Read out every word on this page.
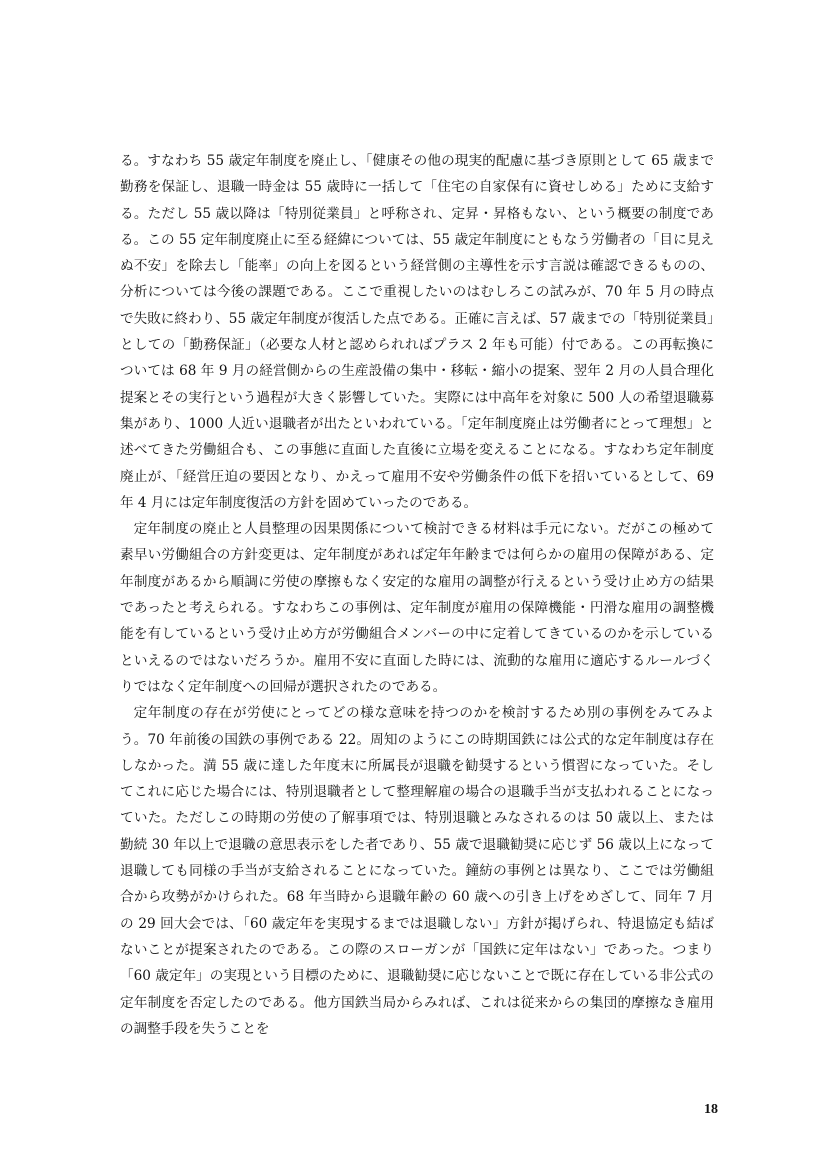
る。すなわち 55 歳定年制度を廃止し、「健康その他の現実的配慮に基づき原則として 65 歳まで勤務を保証し、退職一時金は 55 歳時に一括して「住宅の自家保有に資せしめる」ために支給する。ただし 55 歳以降は「特別従業員」と呼称され、定昇・昇格もない、という概要の制度である。この 55 定年制度廃止に至る経緯については、55 歳定年制度にともなう労働者の「目に見えぬ不安」を除去し「能率」の向上を図るという経営側の主導性を示す言説は確認できるものの、分析については今後の課題である。ここで重視したいのはむしろこの試みが、70 年 5 月の時点で失敗に終わり、55 歳定年制度が復活した点である。正確に言えば、57 歳までの「特別従業員」としての「勤務保証」（必要な人材と認められればプラス 2 年も可能）付である。この再転換については 68 年 9 月の経営側からの生産設備の集中・移転・縮小の提案、翌年 2 月の人員合理化提案とその実行という過程が大きく影響していた。実際には中高年を対象に 500 人の希望退職募集があり、1000 人近い退職者が出たといわれている。「定年制度廃止は労働者にとって理想」と述べてきた労働組合も、この事態に直面した直後に立場を変えることになる。すなわち定年制度廃止が、「経営圧迫の要因となり、かえって雇用不安や労働条件の低下を招いているとして、69 年 4 月には定年制度復活の方針を固めていったのである。

定年制度の廃止と人員整理の因果関係について検討できる材料は手元にない。だがこの極めて素早い労働組合の方針変更は、定年制度があれば定年年齢までは何らかの雇用の保障がある、定年制度があるから順調に労使の摩擦もなく安定的な雇用の調整が行えるという受け止め方の結果であったと考えられる。すなわちこの事例は、定年制度が雇用の保障機能・円滑な雇用の調整機能を有しているという受け止め方が労働組合メンバーの中に定着してきているのかを示しているといえるのではないだろうか。雇用不安に直面した時には、流動的な雇用に適応するルールづくりではなく定年制度への回帰が選択されたのである。

定年制度の存在が労使にとってどの様な意味を持つのかを検討するため別の事例をみてみよう。70 年前後の国鉄の事例である 22。周知のようにこの時期国鉄には公式的な定年制度は存在しなかった。満 55 歳に達した年度末に所属長が退職を勧奨するという慣習になっていた。そしてこれに応じた場合には、特別退職者として整理解雇の場合の退職手当が支払われることになっていた。ただしこの時期の労使の了解事項では、特別退職とみなされるのは 50 歳以上、または勤続 30 年以上で退職の意思表示をした者であり、55 歳で退職勧奨に応じず 56 歳以上になって退職しても同様の手当が支給されることになっていた。鐘紡の事例とは異なり、ここでは労働組合から攻勢がかけられた。68 年当時から退職年齢の 60 歳への引き上げをめざして、同年 7 月の 29 回大会では、「60 歳定年を実現するまでは退職しない」方針が掲げられ、特退協定も結ばないことが提案されたのである。この際のスローガンが「国鉄に定年はない」であった。つまり「60 歳定年」の実現という目標のために、退職勧奨に応じないことで既に存在している非公式の定年制度を否定したのである。他方国鉄当局からみれば、これは従来からの集団的摩擦なき雇用の調整手段を失うことを

18
